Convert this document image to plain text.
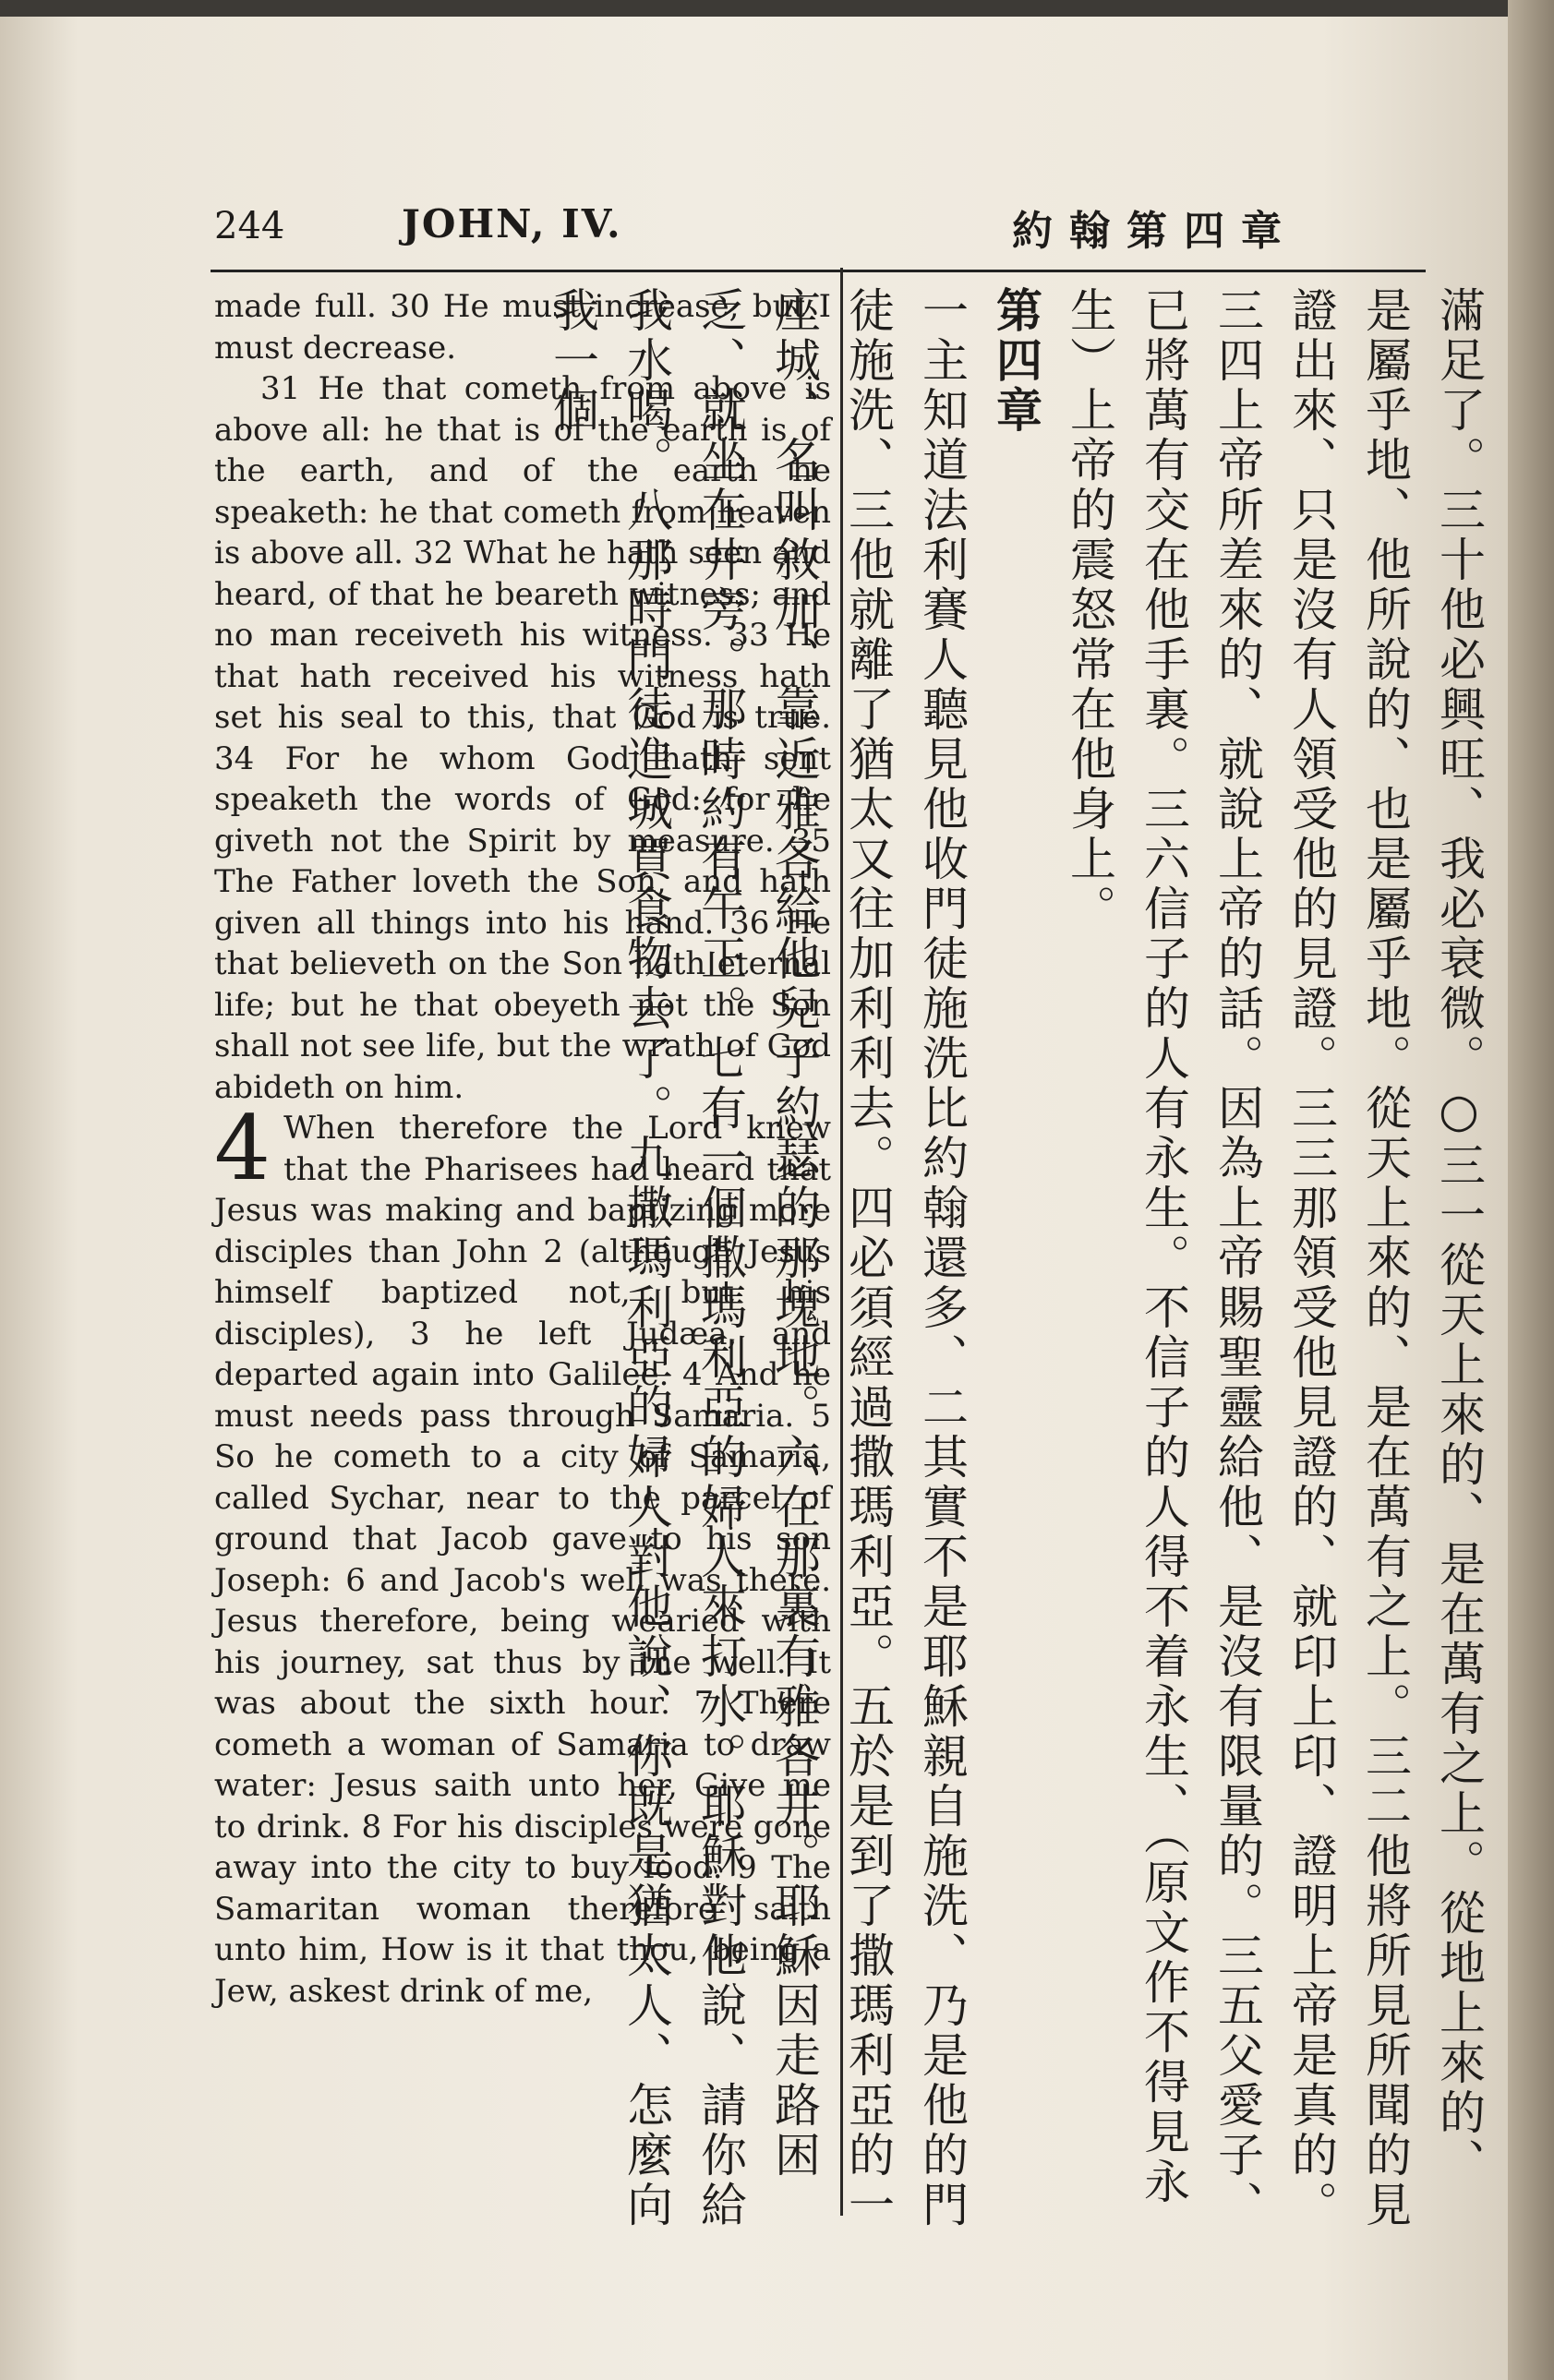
244	JOHN, IV.	約翰第四章

made full. 30 He must increase, but I must decrease.

31 He that cometh from above is above all: he that is of the earth is of the earth, and of the earth he speaketh: he that cometh from heaven is above all. 32 What he hath seen and heard, of that he beareth witness; and no man receiveth his witness. 33 He that hath received his witness hath set his seal to this, that God is true. 34 For he whom God hath sent speaketh the words of God: for he giveth not the Spirit by measure. 35 The Father loveth the Son, and hath given all things into his hand. 36 He that believeth on the Son hath eternal life; but he that obeyeth not the Son shall not see life, but the wrath of God abideth on him.

4 When therefore the Lord knew that the Pharisees had heard that Jesus was making and baptizing more disciples than John 2 (although Jesus himself baptized not, but his disciples), 3 he left Judæa, and departed again into Galilee. 4 And he must needs pass through Samaria. 5 So he cometh to a city of Samaria, called Sychar, near to the parcel of ground that Jacob gave to his son Joseph: 6 and Jacob's well was there. Jesus therefore, being wearied with his journey, sat thus by the well. It was about the sixth hour. 7 There cometh a woman of Samaria to draw water: Jesus saith unto her, Give me to drink. 8 For his disciples were gone away into the city to buy food. 9 The Samaritan woman therefore saith unto him, How is it that thou, being a Jew, askest drink of me,	滿足了。三十他必興旺、我必衰微。○三一從天上來的、是在萬有之上。從地上來的、是屬乎地、他所說的、也是屬乎地。從天上來的、是在萬有之上。三二他將所見所聞的見證出來、只是沒有人領受他的見證。三三那領受他見證的、就印上印、證明上帝是真的。三四上帝所差來的、就說上帝的話。因為上帝賜聖靈給他、是沒有限量的。三五父愛子、已將萬有交在他手裏。三六信子的人有永生。不信子的人得不着永生、（原文作不得見永生）上帝的震怒常在他身上。

第四章

一主知道法利賽人聽見他收門徒施洗比約翰還多、二其實不是耶穌親自施洗、乃是他的門徒施洗、三他就離了猶太又往加利利去。四必須經過撒瑪利亞。五於是到了撒瑪利亞的一座城、名叫敘加、靠近雅各給他兒子約瑟的那塊地。六在那裏有雅各井。耶穌因走路困乏、就坐在井旁。那時約有午正。七有一個撒瑪利亞的婦人來打水。耶穌對他說、請你給我水喝。八那時門徒進城買食物去了。九撒瑪利亞的婦人對他說、你既是猶太人、怎麼向我一個
